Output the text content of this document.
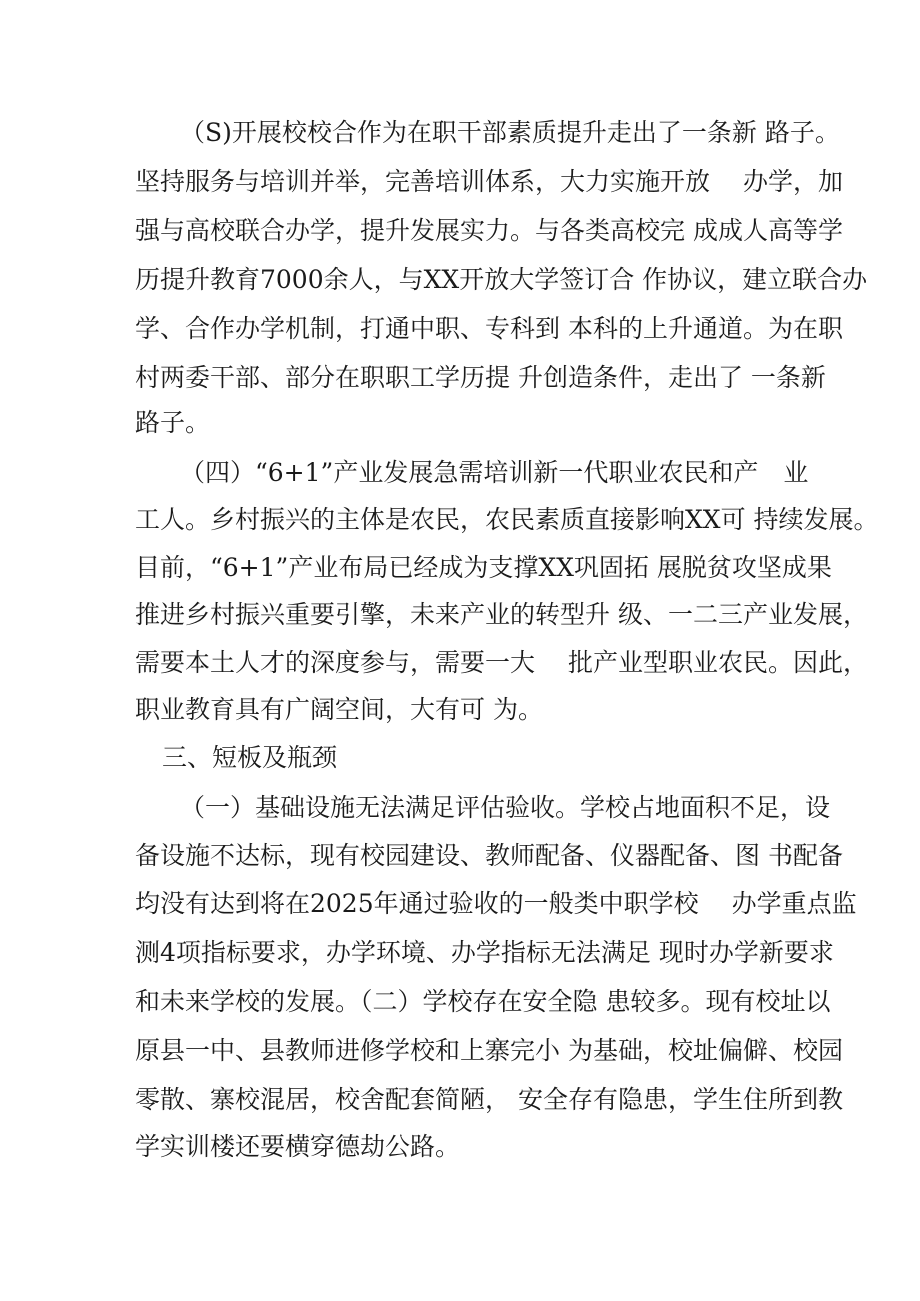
（S)开展校校合作为在职干部素质提升走出了一条新 路子。
坚持服务与培训并举，完善培训体系，大力实施开放　 办学，加
强与高校联合办学，提升发展实力。与各类高校完 成成人高等学
历提升教育7000余人，与XX开放大学签订合 作协议，建立联合办
学、合作办学机制，打通中职、专科到 本科的上升通道。为在职
村两委干部、部分在职职工学历提 升创造条件，走出了 一条新
路子。
（四）“6+1”产业发展急需培训新一代职业农民和产　业
工人。乡村振兴的主体是农民，农民素质直接影响XX可 持续发展。
目前，“6+1”产业布局已经成为支撑XX巩固拓 展脱贫攻坚成果
推进乡村振兴重要引擎，未来产业的转型升 级、一二三产业发展，
需要本土人才的深度参与，需要一大　 批产业型职业农民。因此，
职业教育具有广阔空间，大有可 为。
三、短板及瓶颈
（一）基础设施无法满足评估验收。学校占地面积不足，设
备设施不达标，现有校园建设、教师配备、仪器配备、图 书配备
均没有达到将在2025年通过验收的一般类中职学校　 办学重点监
测4项指标要求，办学环境、办学指标无法满足 现时办学新要求
和未来学校的发展。（二）学校存在安全隐 患较多。现有校址以
原县一中、县教师进修学校和上寨完小 为基础，校址偏僻、校园
零散、寨校混居，校舍配套简陋， 安全存有隐患，学生住所到教
学实训楼还要横穿德劫公路。
